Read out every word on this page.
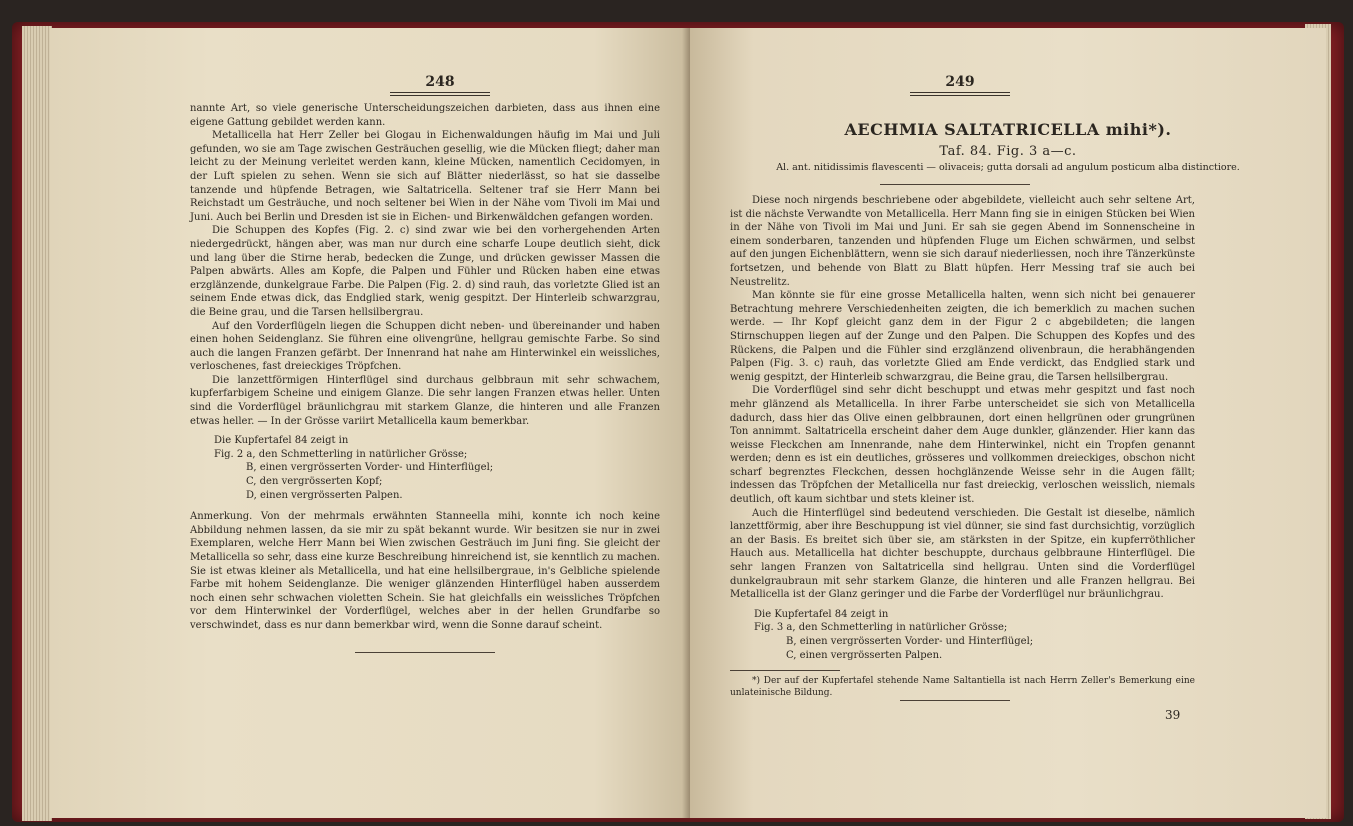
248

nannte Art, so viele generische Unterscheidungszeichen darbieten, dass aus ihnen eine eigene Gattung gebildet werden kann.

Metallicella hat Herr Zeller bei Glogau in Eichenwaldungen häufig im Mai und Juli gefunden, wo sie am Tage zwischen Gesträuchen gesellig, wie die Mücken fliegt; daher man leicht zu der Meinung verleitet werden kann, kleine Mücken, namentlich Cecidomyen, in der Luft spielen zu sehen. Wenn sie sich auf Blätter niederlässt, so hat sie dasselbe tanzende und hüpfende Betragen, wie Saltatricella. Seltener traf sie Herr Mann bei Reichstadt um Gesträuche, und noch seltener bei Wien in der Nähe vom Tivoli im Mai und Juni. Auch bei Berlin und Dresden ist sie in Eichen- und Birkenwäldchen gefangen worden.

Die Schuppen des Kopfes (Fig. 2. c) sind zwar wie bei den vorhergehenden Arten niedergedrückt, hängen aber, was man nur durch eine scharfe Loupe deutlich sieht, dick und lang über die Stirne herab, bedecken die Zunge, und drücken gewisser Massen die Palpen abwärts. Alles am Kopfe, die Palpen und Fühler und Rücken haben eine etwas erzglänzende, dunkelgraue Farbe. Die Palpen (Fig. 2. d) sind rauh, das vorletzte Glied ist an seinem Ende etwas dick, das Endglied stark, wenig gespitzt. Der Hinterleib schwarzgrau, die Beine grau, und die Tarsen hellsilbergrau.

Auf den Vorderflügeln liegen die Schuppen dicht neben- und übereinander und haben einen hohen Seidenglanz. Sie führen eine olivengrüne, hellgrau gemischte Farbe. So sind auch die langen Franzen gefärbt. Der Innenrand hat nahe am Hinterwinkel ein weissliches, verloschenes, fast dreieckiges Tröpfchen.

Die lanzettförmigen Hinterflügel sind durchaus gelbbraun mit sehr schwachem, kupferfarbigem Scheine und einigem Glanze. Die sehr langen Franzen etwas heller. Unten sind die Vorderflügel bräunlichgrau mit starkem Glanze, die hinteren und alle Franzen etwas heller. — In der Grösse variirt Metallicella kaum bemerkbar.

Die Kupfertafel 84 zeigt in
Fig. 2 a, den Schmetterling in natürlicher Grösse;
B, einen vergrösserten Vorder- und Hinterflügel;
C, den vergrösserten Kopf;
D, einen vergrösserten Palpen.

Anmerkung. Von der mehrmals erwähnten Stanneella mihi, konnte ich noch keine Abbildung nehmen lassen, da sie mir zu spät bekannt wurde. Wir besitzen sie nur in zwei Exemplaren, welche Herr Mann bei Wien zwischen Gesträuch im Juni fing. Sie gleicht der Metallicella so sehr, dass eine kurze Beschreibung hinreichend ist, sie kenntlich zu machen. Sie ist etwas kleiner als Metallicella, und hat eine hellsilbergraue, in's Gelbliche spielende Farbe mit hohem Seidenglanze. Die weniger glänzenden Hinterflügel haben ausserdem noch einen sehr schwachen violetten Schein. Sie hat gleichfalls ein weissliches Tröpfchen vor dem Hinterwinkel der Vorderflügel, welches aber in der hellen Grundfarbe so verschwindet, dass es nur dann bemerkbar wird, wenn die Sonne darauf scheint.

249
AECHMIA SALTATRICELLA mihi*).
Taf. 84. Fig. 3 a—c.
Al. ant. nitidissimis flavescenti — olivaceis; gutta dorsali ad angulum posticum alba distinctiore.

Diese noch nirgends beschriebene oder abgebildete, vielleicht auch sehr seltene Art, ist die nächste Verwandte von Metallicella. Herr Mann fing sie in einigen Stücken bei Wien in der Nähe von Tivoli im Mai und Juni. Er sah sie gegen Abend im Sonnenscheine in einem sonderbaren, tanzenden und hüpfenden Fluge um Eichen schwärmen, und selbst auf den jungen Eichenblättern, wenn sie sich darauf niederliessen, noch ihre Tänzerkünste fortsetzen, und behende von Blatt zu Blatt hüpfen. Herr Messing traf sie auch bei Neustrelitz.

Man könnte sie für eine grosse Metallicella halten, wenn sich nicht bei genauerer Betrachtung mehrere Verschiedenheiten zeigten, die ich bemerklich zu machen suchen werde. — Ihr Kopf gleicht ganz dem in der Figur 2 c abgebildeten; die langen Stirnschuppen liegen auf der Zunge und den Palpen. Die Schuppen des Kopfes und des Rückens, die Palpen und die Fühler sind erzglänzend olivenbraun, die herabhängenden Palpen (Fig. 3. c) rauh, das vorletzte Glied am Ende verdickt, das Endglied stark und wenig gespitzt, der Hinterleib schwarzgrau, die Beine grau, die Tarsen hellsilbergrau.

Die Vorderflügel sind sehr dicht beschuppt und etwas mehr gespitzt und fast noch mehr glänzend als Metallicella. In ihrer Farbe unterscheidet sie sich von Metallicella dadurch, dass hier das Olive einen gelbbraunen, dort einen hellgrünen oder grungrünen Ton annimmt. Saltatricella erscheint daher dem Auge dunkler, glänzender. Hier kann das weisse Fleckchen am Innenrande, nahe dem Hinterwinkel, nicht ein Tropfen genannt werden; denn es ist ein deutliches, grösseres und vollkommen dreieckiges, obschon nicht scharf begrenztes Fleckchen, dessen hochglänzende Weisse sehr in die Augen fällt; indessen das Tröpfchen der Metallicella nur fast dreieckig, verloschen weisslich, niemals deutlich, oft kaum sichtbar und stets kleiner ist.

Auch die Hinterflügel sind bedeutend verschieden. Die Gestalt ist dieselbe, nämlich lanzettförmig, aber ihre Beschuppung ist viel dünner, sie sind fast durchsichtig, vorzüglich an der Basis. Es breitet sich über sie, am stärksten in der Spitze, ein kupferröthlicher Hauch aus. Metallicella hat dichter beschuppte, durchaus gelbbraune Hinterflügel. Die sehr langen Franzen von Saltatricella sind hellgrau. Unten sind die Vorderflügel dunkelgraubraun mit sehr starkem Glanze, die hinteren und alle Franzen hellgrau. Bei Metallicella ist der Glanz geringer und die Farbe der Vorderflügel nur bräunlichgrau.

Die Kupfertafel 84 zeigt in
Fig. 3 a, den Schmetterling in natürlicher Grösse;
B, einen vergrösserten Vorder- und Hinterflügel;
C, einen vergrösserten Palpen.

*) Der auf der Kupfertafel stehende Name Saltantiella ist nach Herrn Zeller's Bemerkung eine unlateinische Bildung.

39
